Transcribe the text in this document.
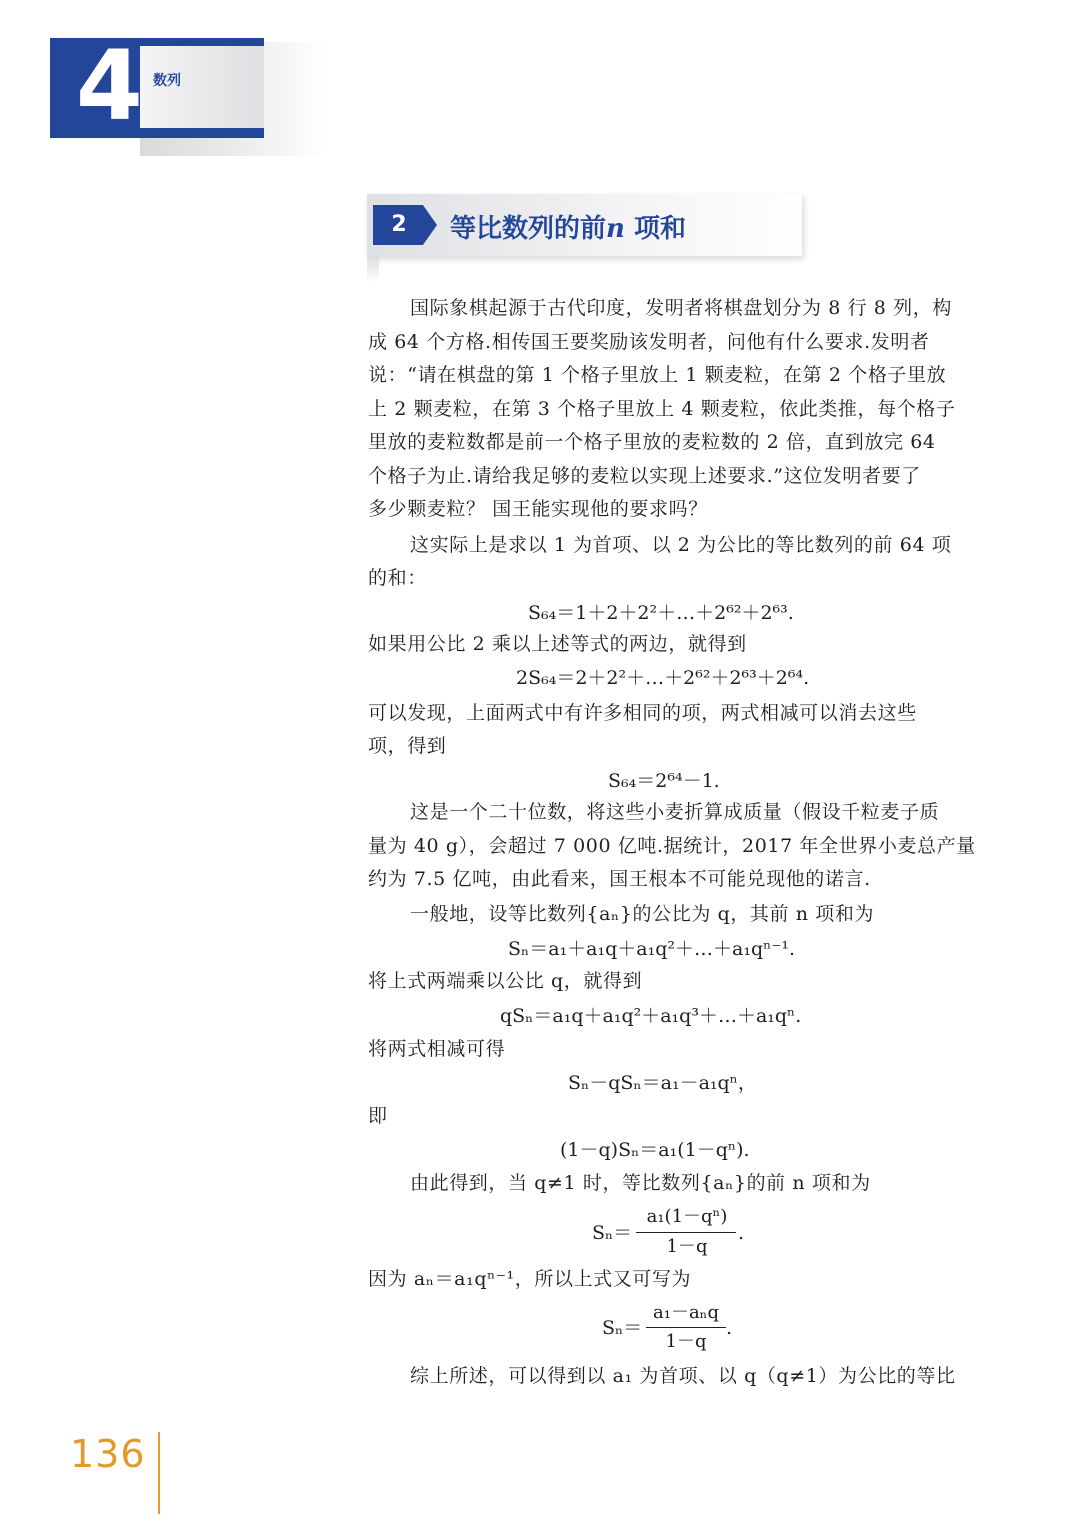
4 数列
2	等比数列的前n 项和
国际象棋起源于古代印度，发明者将棋盘划分为 8 行 8 列，构
成 64 个方格.相传国王要奖励该发明者，问他有什么要求.发明者
说：“请在棋盘的第 1 个格子里放上 1 颗麦粒，在第 2 个格子里放
上 2 颗麦粒，在第 3 个格子里放上 4 颗麦粒，依此类推，每个格子
里放的麦粒数都是前一个格子里放的麦粒数的 2 倍，直到放完 64
个格子为止.请给我足够的麦粒以实现上述要求.”这位发明者要了
多少颗麦粒？ 国王能实现他的要求吗？
这实际上是求以 1 为首项、以 2 为公比的等比数列的前 64 项
的和：
S₆₄＝1＋2＋2²＋…＋2⁶²＋2⁶³.
如果用公比 2 乘以上述等式的两边，就得到
2S₆₄＝2＋2²＋…＋2⁶²＋2⁶³＋2⁶⁴.
可以发现，上面两式中有许多相同的项，两式相减可以消去这些
项，得到
S₆₄＝2⁶⁴－1.
这是一个二十位数，将这些小麦折算成质量（假设千粒麦子质
量为 40 g），会超过 7 000 亿吨.据统计，2017 年全世界小麦总产量
约为 7.5 亿吨，由此看来，国王根本不可能兑现他的诺言.
一般地，设等比数列{aₙ}的公比为 q，其前 n 项和为
Sₙ＝a₁＋a₁q＋a₁q²＋…＋a₁qⁿ⁻¹.
将上式两端乘以公比 q，就得到
qSₙ＝a₁q＋a₁q²＋a₁q³＋…＋a₁qⁿ.
将两式相减可得
Sₙ－qSₙ＝a₁－a₁qⁿ，
即
(1－q)Sₙ＝a₁(1－qⁿ).
由此得到，当 q≠1 时，等比数列{aₙ}的前 n 项和为
Sₙ＝
a₁(1－qⁿ)
1－q
.
因为 aₙ＝a₁qⁿ⁻¹，所以上式又可写为
Sₙ＝
a₁－aₙq
1－q
.
综上所述，可以得到以 a₁ 为首项、以 q（q≠1）为公比的等比
136
